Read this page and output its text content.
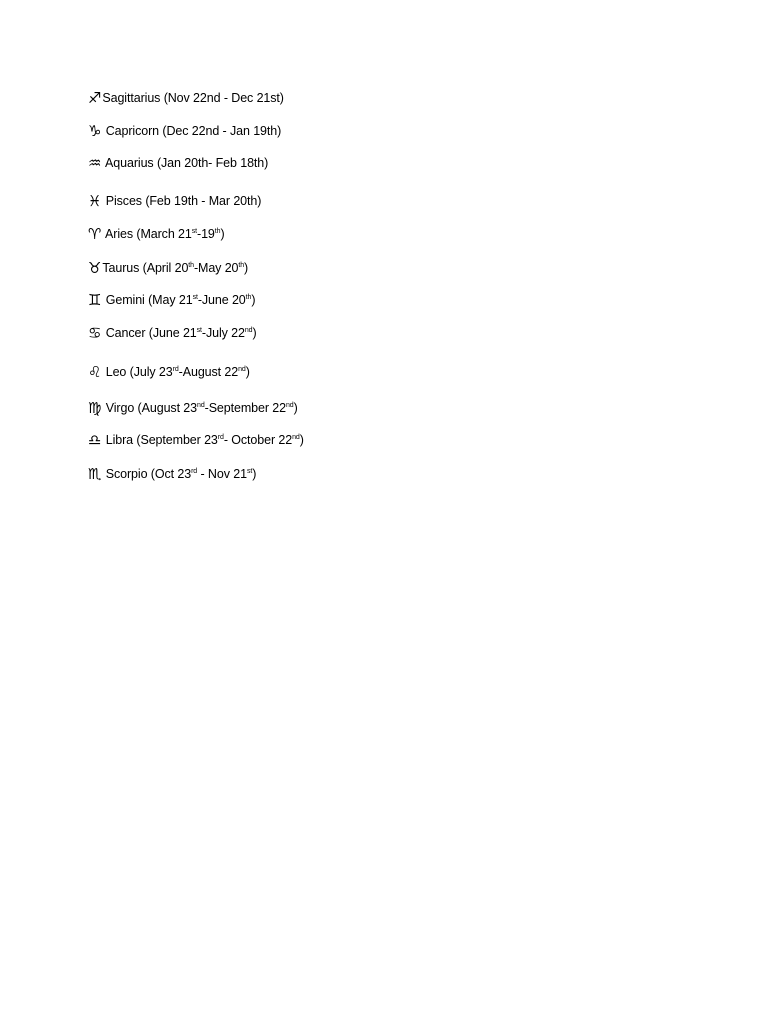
♐Sagittarius (Nov 22nd - Dec 21st)
♑ Capricorn (Dec 22nd - Jan 19th)
♒ Aquarius (Jan 20th- Feb 18th)
♓ Pisces (Feb 19th - Mar 20th)
♈ Aries (March 21st-19th)
♉Taurus (April 20th-May 20th)
♊ Gemini (May 21st-June 20th)
♋ Cancer (June 21st-July 22nd)
♌ Leo (July 23rd-August 22nd)
♍ Virgo (August 23nd-September 22nd)
♎ Libra (September 23rd- October 22nd)
♏ Scorpio (Oct 23rd - Nov 21st)
